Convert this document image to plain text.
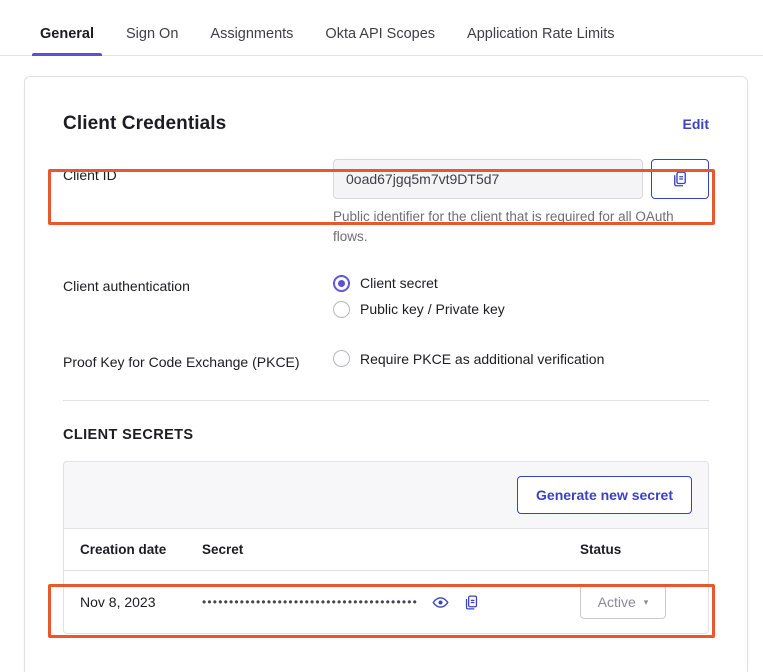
General	Sign On	Assignments	Okta API Scopes	Application Rate Limits
Client Credentials	Edit
Client ID	0oad67jgq5m7vt9DT5d7
Public identifier for the client that is required for all OAuth flows.
Client authentication	Client secret
Public key / Private key
Proof Key for Code Exchange (PKCE)	Require PKCE as additional verification
CLIENT SECRETS
Generate new secret
Creation date	Secret	Status
Nov 8, 2023	••••••••••••••••••••••••••••••••••••••••	Active ▾
